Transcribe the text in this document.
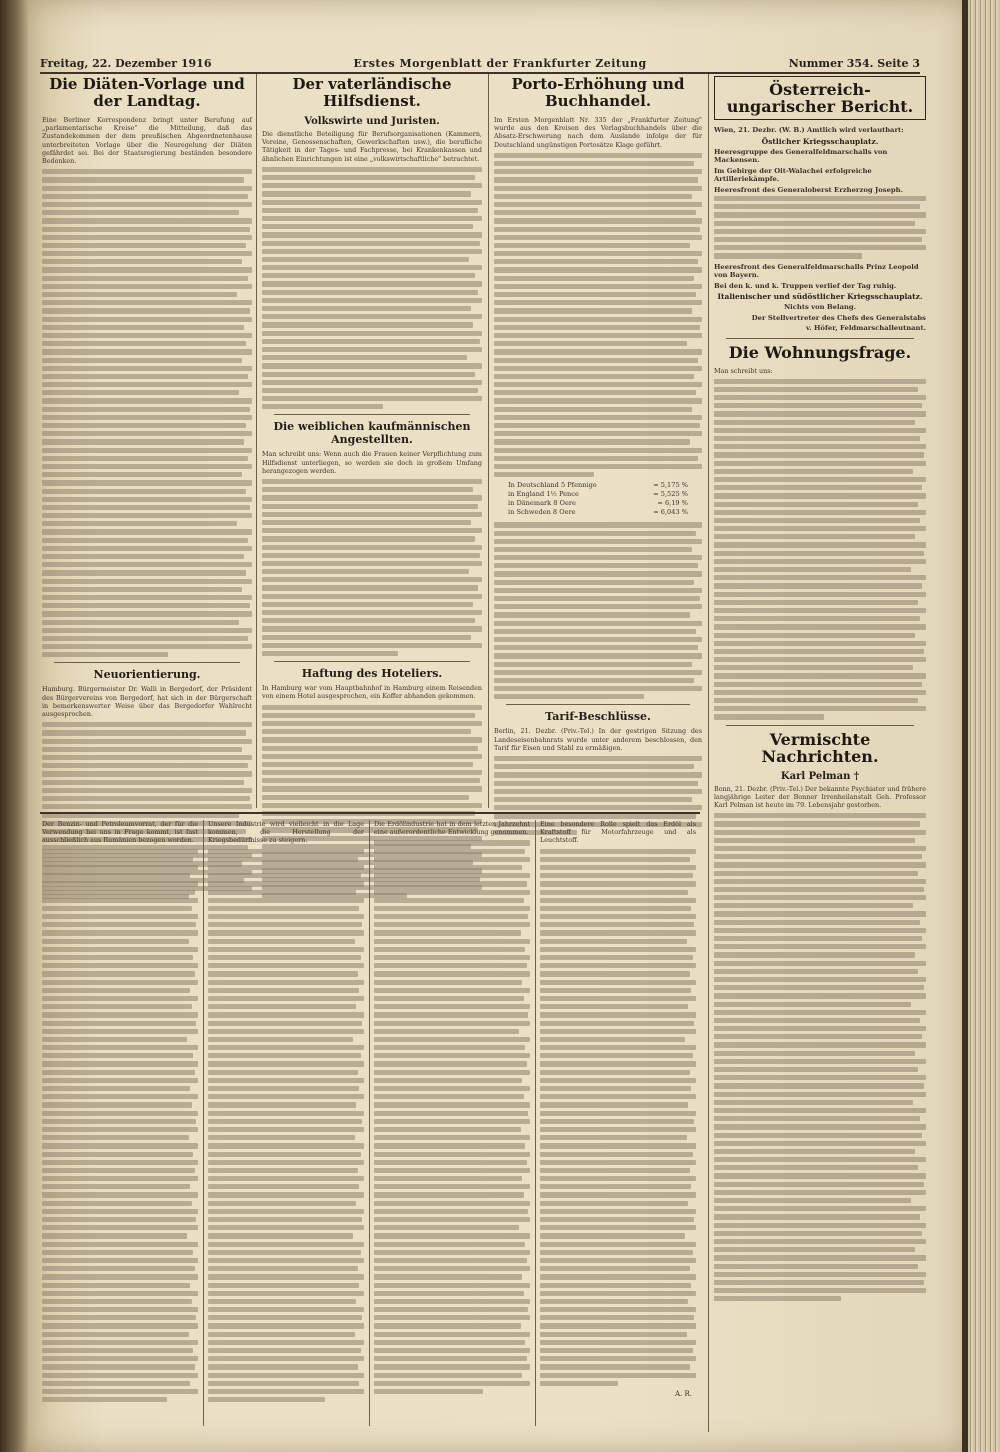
Freitag, 22. Dezember 1916	Erstes Morgenblatt der Frankfurter Zeitung	Nummer 354. Seite 3
Die Diäten-Vorlage und der Landtag.

Eine Berliner Korrespondenz bringt unter Berufung auf „parlamentarische Kreise" die Mitteilung, daß das Zustandekommen der dem preußischen Abgeordnetenhause unterbreiteten Vorlage über die Neuregelung der Diäten gefährdet sei. Bei der Staatsregierung beständen besondere Bedenken.

Neuorientierung.

Hamburg. Bürgermeister Dr. Walli in Bergedorf, der Präsident des Bürgervereins von Bergedorf, hat sich in der Bürgerschaft in bemerkenswerter Weise über das Bergedorfer Wahlrecht ausgesprochen.

Der vaterländische Hilfsdienst.
Volkswirte und Juristen.

Die dienstliche Beteiligung für Berufsorganisationen (Kammern, Vereine, Genossenschaften, Gewerkschaften usw.), die berufliche Tätigkeit in der Tages- und Fachpresse, bei Krankenkassen und ähnlichen Einrichtungen ist eine „volkswirtschaftliche" betrachtet.

Die weiblichen kaufmännischen Angestellten.

Man schreibt uns: Wenn auch die Frauen keiner Verpflichtung zum Hilfsdienst unterliegen, so werden sie doch in großem Umfang herangezogen werden.

Haftung des Hoteliers.

In Hamburg war vom Hauptbahnhof in Hamburg einem Reisenden von einem Hotel ausgesprochen, ein Koffer abhanden gekommen.

Porto-Erhöhung und Buchhandel.

Im Ersten Morgenblatt Nr. 335 der „Frankfurter Zeitung" wurde aus den Kreisen des Verlagsbuchhandels über die Absatz-Erschwerung nach dem Auslande infolge der für Deutschland ungünstigen Portosätze Klage geführt.

In Deutschland 5 Pfennige	= 5,175 %
in England 1½ Pence	= 5,525 %
in Dänemark 8 Oere	= 6,19 %
in Schweden 8 Oere	= 6,043 %
Tarif-Beschlüsse.

Berlin, 21. Dezbr. (Priv.-Tel.) In der gestrigen Sitzung des Landeseisenbahnrats wurde unter anderem beschlossen, den Tarif für Eisen und Stahl zu ermäßigen.

Österreich-ungarischer Bericht.
Wien, 21. Dezbr. (W. B.) Amtlich wird verlautbart:
Östlicher Kriegsschauplatz.
Heeresgruppe des Generalfeldmarschalls von Mackensen.
Im Gebirge der Oit-Walachei erfolgreiche Artilleriekämpfe.
Heeresfront des Generaloberst Erzherzog Joseph.
Heeresfront des Generalfeldmarschalls Prinz Leopold von Bayern.
Bei den k. und k. Truppen verlief der Tag ruhig.
Italienischer und südöstlicher Kriegsschauplatz.
Nichts von Belang.
Der Stellvertreter des Chefs des Generalstabs
v. Höfer, Feldmarschalleutnant.
Die Wohnungsfrage.

Man schreibt uns:

Vermischte Nachrichten.
Karl Pelman †

Bonn, 21. Dezbr. (Priv.-Tel.) Der bekannte Psychiater und frühere langjährige Leiter der Bonner Irrenheilanstalt Geh. Professor Karl Pelman ist heute im 79. Lebensjahr gestorben.

Der Benzin- und Petroleumvorrat, der für die Verwendung bei uns in Frage kommt, ist fast ausschließlich aus Rumänien bezogen worden.

Unsere Industrie wird vielleicht in die Lage kommen, die Herstellung der Kriegsbedürfnisse zu steigern.

Die Erdölindustrie hat in dem letzten Jahrzehnt eine außerordentliche Entwicklung genommen.

Eine besondere Rolle spielt das Erdöl als Kraftstoff für Motorfahrzeuge und als Leuchtstoff.

A. R.
